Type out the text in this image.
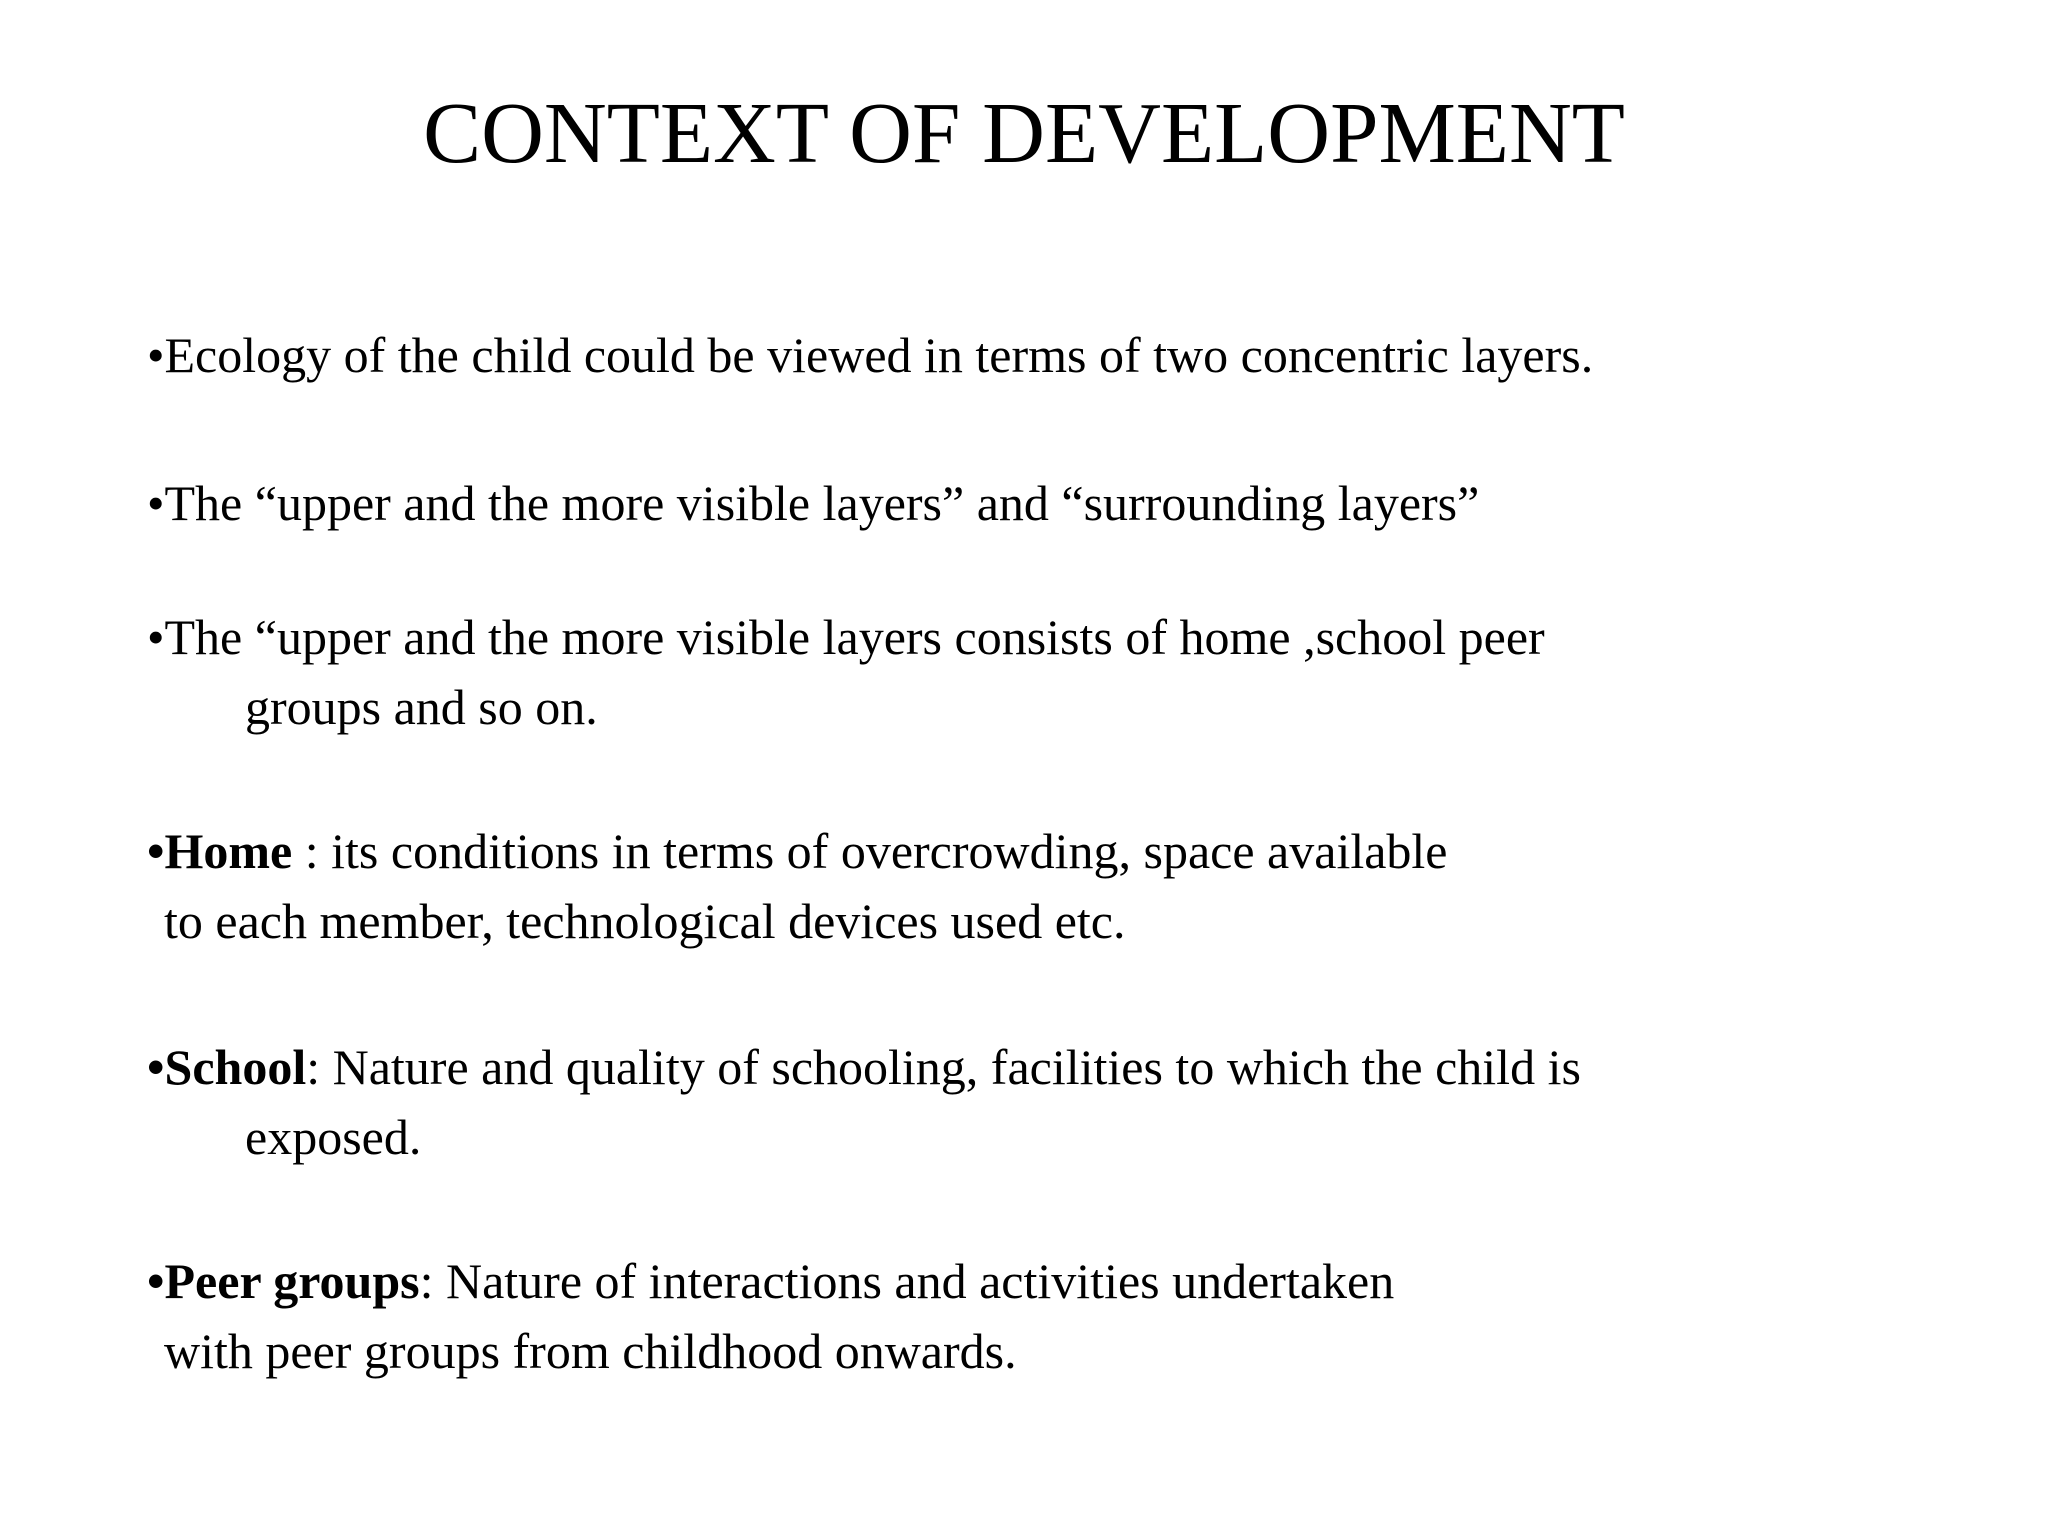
CONTEXT OF DEVELOPMENT
•Ecology of the child could be viewed in terms of two concentric layers.
•The “upper and the more visible layers” and “surrounding layers”
•The “upper and the more visible layers consists of home ,school peer
groups and so on.
•Home : its conditions in terms of overcrowding, space available
to each member, technological devices used etc.
•School: Nature and quality of schooling, facilities to which the child is
exposed.
•Peer groups: Nature of interactions and activities undertaken
with peer groups from childhood onwards.
